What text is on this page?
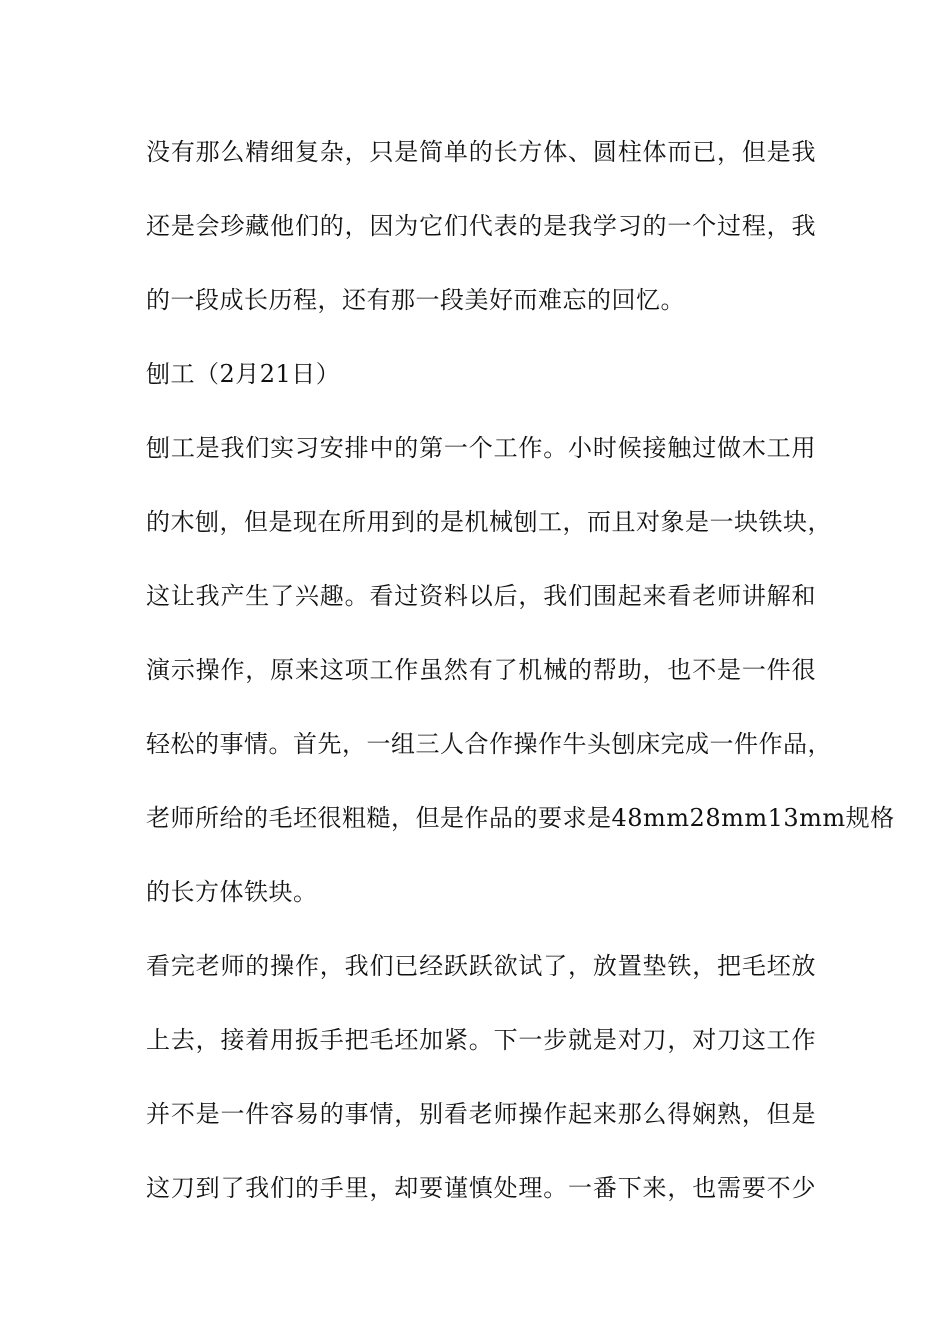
没有那么精细复杂，只是简单的长方体、圆柱体而已，但是我
还是会珍藏他们的，因为它们代表的是我学习的一个过程，我
的一段成长历程，还有那一段美好而难忘的回忆。
刨工（2月21日）
刨工是我们实习安排中的第一个工作。小时候接触过做木工用
的木刨，但是现在所用到的是机械刨工，而且对象是一块铁块，
这让我产生了兴趣。看过资料以后，我们围起来看老师讲解和
演示操作，原来这项工作虽然有了机械的帮助，也不是一件很
轻松的事情。首先，一组三人合作操作牛头刨床完成一件作品，
老师所给的毛坯很粗糙，但是作品的要求是48mm28mm13mm规格
的长方体铁块。
看完老师的操作，我们已经跃跃欲试了，放置垫铁，把毛坯放
上去，接着用扳手把毛坯加紧。下一步就是对刀，对刀这工作
并不是一件容易的事情，别看老师操作起来那么得娴熟，但是
这刀到了我们的手里，却要谨慎处理。一番下来，也需要不少
